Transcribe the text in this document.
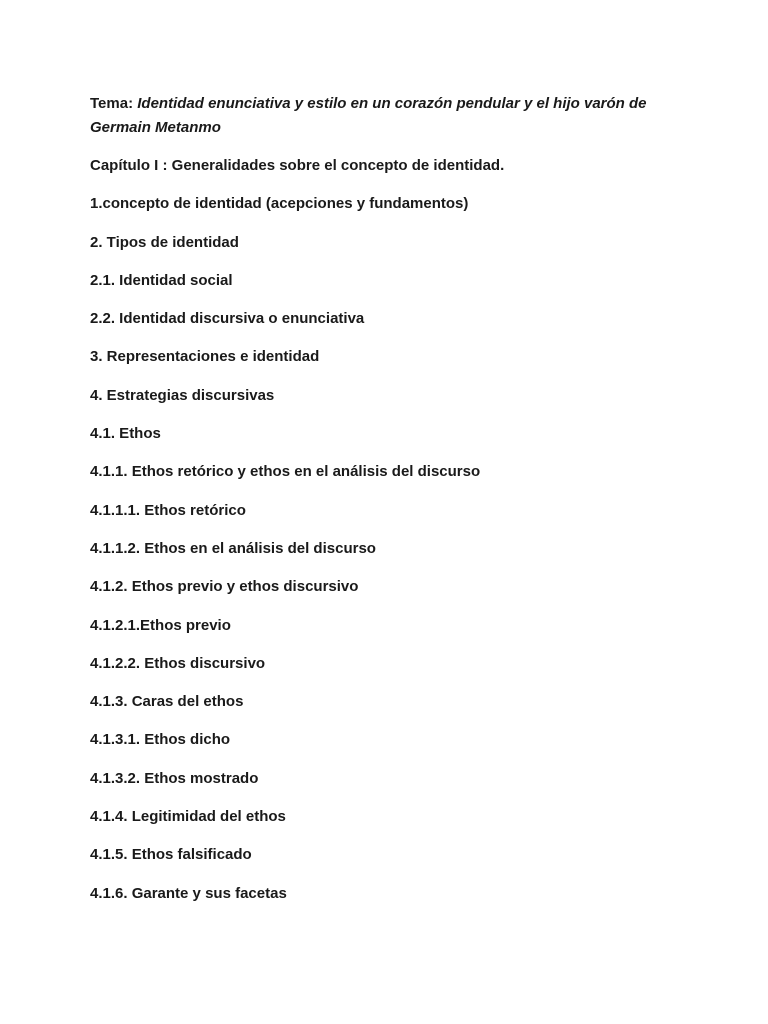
Tema: Identidad enunciativa y estilo en un corazón pendular y el hijo varón de Germain Metanmo

Capítulo I : Generalidades sobre el concepto de identidad.

1.concepto de identidad (acepciones y fundamentos)

2. Tipos de identidad

2.1. Identidad social

2.2. Identidad discursiva o enunciativa

3. Representaciones e identidad

4. Estrategias discursivas

4.1. Ethos

4.1.1. Ethos retórico y ethos en el análisis del discurso

4.1.1.1. Ethos retórico

4.1.1.2. Ethos en el análisis del discurso

4.1.2. Ethos previo y ethos discursivo

4.1.2.1.Ethos previo

4.1.2.2. Ethos discursivo

4.1.3. Caras del ethos

4.1.3.1. Ethos dicho

4.1.3.2. Ethos mostrado

4.1.4. Legitimidad del ethos

4.1.5. Ethos falsificado

4.1.6. Garante y sus facetas
